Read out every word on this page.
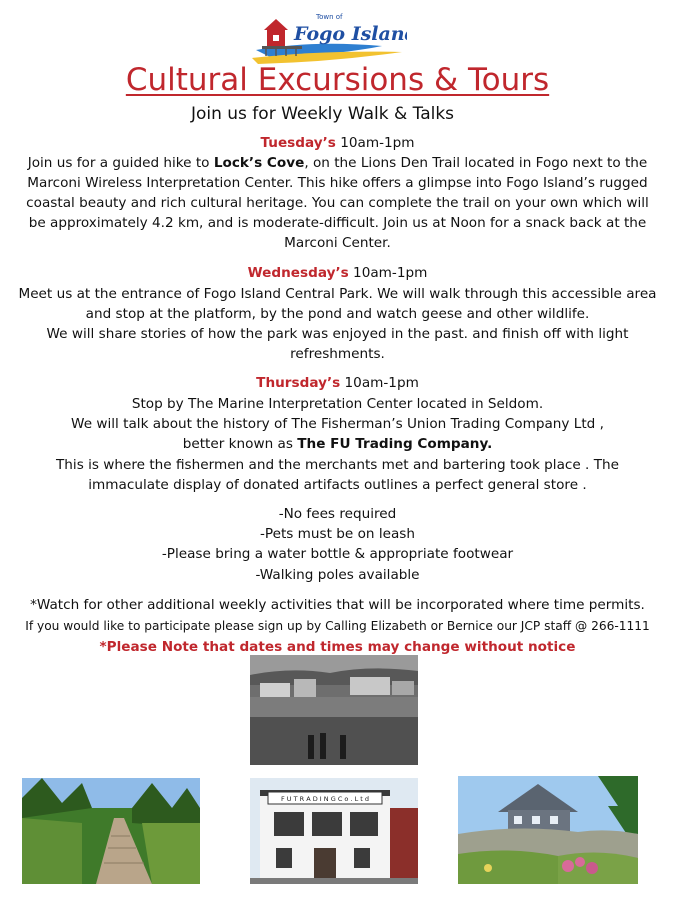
Town of
Fogo Island
Cultural Excursions & Tours
Join us for Weekly Walk & Talks
Tuesday’s 10am-1pm
Join us for a guided hike to Lock’s Cove, on the Lions Den Trail located in Fogo next to the
Marconi Wireless Interpretation Center. This hike offers a glimpse into Fogo Island’s rugged
coastal beauty and rich cultural heritage. You can complete the trail on your own which will
be approximately 4.2 km, and is moderate-difficult. Join us at Noon for a snack back at the
Marconi Center.
Wednesday’s 10am-1pm
Meet us at the entrance of Fogo Island Central Park. We will walk through this accessible area
and stop at the platform, by the pond and watch geese and other wildlife.
We will share stories of how the park was enjoyed in the past. and finish off with light
refreshments.
Thursday’s 10am-1pm
Stop by The Marine Interpretation Center located in Seldom.
We will talk about the history of The Fisherman’s Union Trading Company Ltd ,
better known as The FU Trading Company.
This is where the fishermen and the merchants met and bartering took place . The
immaculate display of donated artifacts outlines a perfect general store .
-No fees required
-Pets must be on leash
-Please bring a water bottle & appropriate footwear
-Walking poles available
*Watch for other additional weekly activities that will be incorporated where time permits.
If you would like to participate please sign up by Calling Elizabeth or Bernice our JCP staff @ 266-1111
*Please Note that dates and times may change without notice
F U T R A D I N G C o . L t d
